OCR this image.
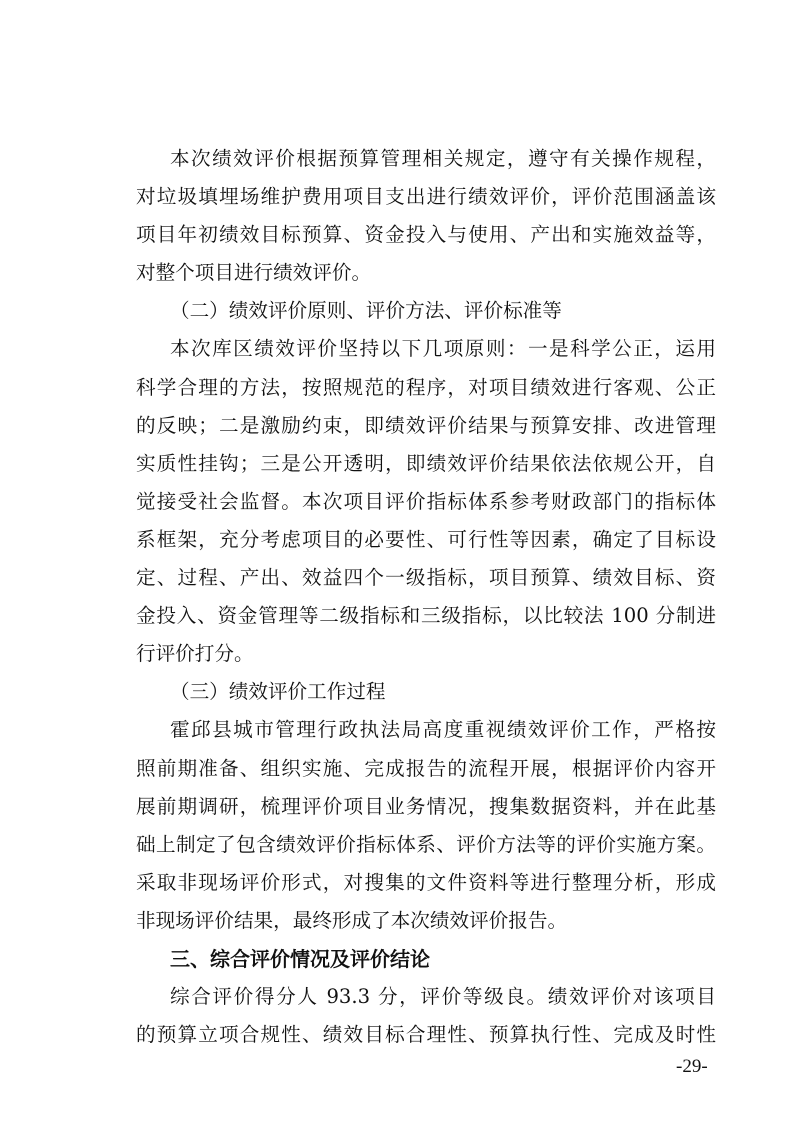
本次绩效评价根据预算管理相关规定，遵守有关操作规程，
对垃圾填埋场维护费用项目支出进行绩效评价，评价范围涵盖该
项目年初绩效目标预算、资金投入与使用、产出和实施效益等，
对整个项目进行绩效评价。
（二）绩效评价原则、评价方法、评价标准等
本次库区绩效评价坚持以下几项原则：一是科学公正，运用
科学合理的方法，按照规范的程序，对项目绩效进行客观、公正
的反映；二是激励约束，即绩效评价结果与预算安排、改进管理
实质性挂钩；三是公开透明，即绩效评价结果依法依规公开，自
觉接受社会监督。本次项目评价指标体系参考财政部门的指标体
系框架，充分考虑项目的必要性、可行性等因素，确定了目标设
定、过程、产出、效益四个一级指标，项目预算、绩效目标、资
金投入、资金管理等二级指标和三级指标，以比较法 100 分制进
行评价打分。
（三）绩效评价工作过程
霍邱县城市管理行政执法局高度重视绩效评价工作，严格按
照前期准备、组织实施、完成报告的流程开展，根据评价内容开
展前期调研，梳理评价项目业务情况，搜集数据资料，并在此基
础上制定了包含绩效评价指标体系、评价方法等的评价实施方案。
采取非现场评价形式，对搜集的文件资料等进行整理分析，形成
非现场评价结果，最终形成了本次绩效评价报告。
三、综合评价情况及评价结论
综合评价得分人 93.3 分，评价等级良。绩效评价对该项目
的预算立项合规性、绩效目标合理性、预算执行性、完成及时性
-29-
